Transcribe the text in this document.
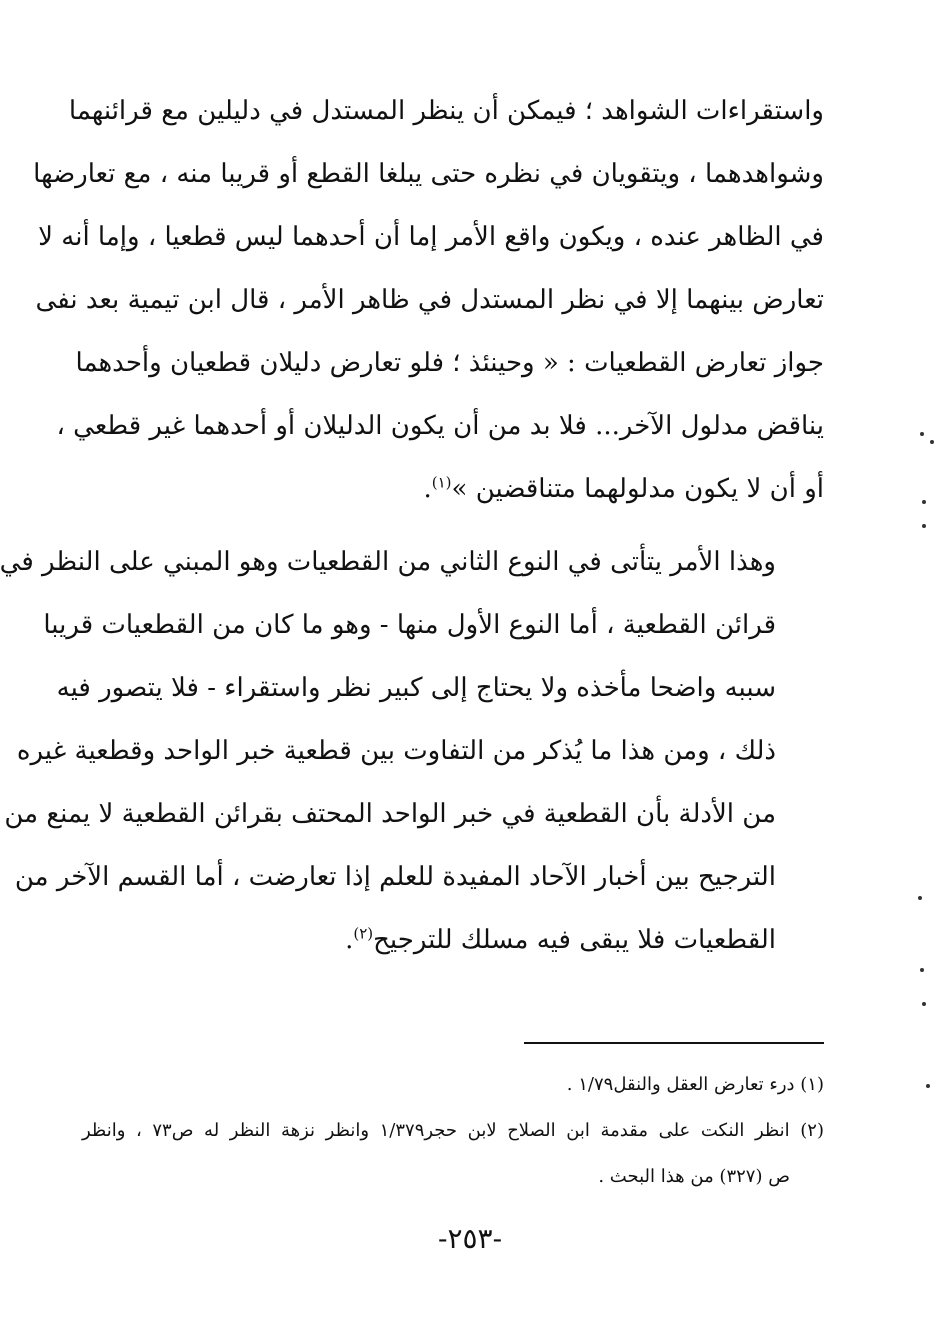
واستقراءات الشواهد ؛ فيمكن أن ينظر المستدل في دليلين مع قرائنهما
وشواهدهما ، ويتقويان في نظره حتى يبلغا القطع أو قريبا منه ، مع تعارضها
في الظاهر عنده ، ويكون واقع الأمر إما أن أحدهما ليس قطعيا ، وإما أنه لا
تعارض بينهما إلا في نظر المستدل في ظاهر الأمر ، قال ابن تيمية بعد نفى
جواز تعارض القطعيات : « وحينئذ ؛ فلو تعارض دليلان قطعيان وأحدهما
يناقض مدلول الآخر... فلا بد من أن يكون الدليلان أو أحدهما غير قطعي ،
أو أن لا يكون مدلولهما متناقضين »$^{(١)}$.
وهذا الأمر يتأتى في النوع الثاني من القطعيات وهو المبني على النظر في
قرائن القطعية ، أما النوع الأول منها - وهو ما كان من القطعيات قريبا
سببه واضحا مأخذه ولا يحتاج إلى كبير نظر واستقراء - فلا يتصور فيه
ذلك ، ومن هذا ما يُذكر من التفاوت بين قطعية خبر الواحد وقطعية غيره
من الأدلة بأن القطعية في خبر الواحد المحتف بقرائن القطعية لا يمنع من
الترجيح بين أخبار الآحاد المفيدة للعلم إذا تعارضت ، أما القسم الآخر من
القطعيات فلا يبقى فيه مسلك للترجيح$^{(٢)}$.

(١) درء تعارض العقل والنقل١/٧٩ .

(٢) انظر النكت على مقدمة ابن الصلاح لابن حجر١/٣٧٩ وانظر نزهة النظر له ص٧٣ ، وانظر
ص (٣٢٧) من هذا البحث .

-٢٥٣-
